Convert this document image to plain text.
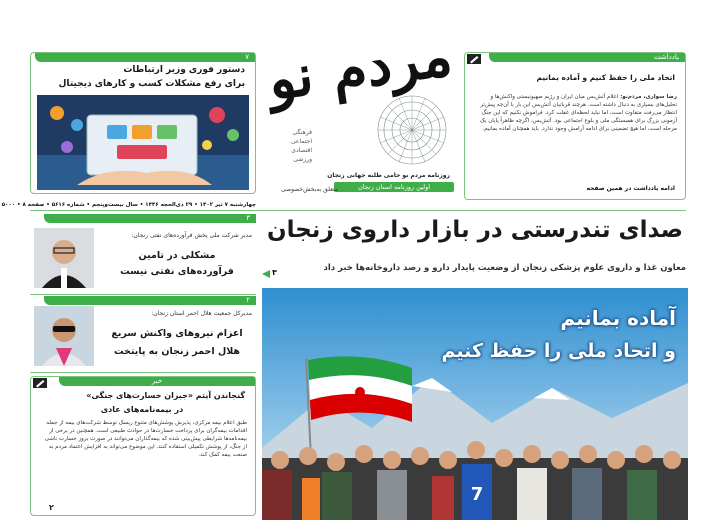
مردم نو
فرهنگی
اجتماعی
اقتصادی
ورزشی
روزنامه مردم نو حامی طلبه جهانی زنجان
اولین روزنامه استان زنجان
متعلق به‌بخش‌خصوصی
۷
دستور فوری وزیر ارتباطات
برای رفع مشکلات کسب و کارهای دیجیتال
یادداشت
اتحاد ملی را حفظ کنیم و آماده بمانیم
رضا سواری، مردم‌نو: اعلام آتش‌بس میان ایران و رژیم صهیونیستی واکنش‌ها و تحلیل‌های بسیاری به دنبال داشته است. هرچند قربانیان آتش‌بس این بار با آن‌چه پیش‌تر انتظار می‌رفت متفاوت است، اما نباید لحظه‌ای غفلت کرد. فراموش نکنیم که این جنگ آزمونی بزرگ برای همبستگی ملی و بلوغ اجتماعی بود. آتش‌بس، اگرچه ظاهراً پایان یک مرحله است، اما هیچ تضمینی برای ادامه آرامش وجود ندارد. باید همچنان آماده بمانیم.
ادامه یادداشت در همین صفحه
چهارشنبه ۷ تیر ۱۴۰۲ • ۲۹ ذی‌الحجه ۱۴۴۶ • سال بیست‌وپنجم • شماره ۵۶۱۶ • صفحه ۸ • ۵۰۰۰
۳
مدیر شرکت ملی پخش فرآورده‌های نفتی زنجان:
مشکلی در تامین
فرآورده‌های نفتی نیست
۲
مدیرکل جمعیت هلال احمر استان زنجان:
اعزام نیروهای واکنش سریع
هلال احمر زنجان به پایتخت
خبر
گنجاندن آیتم «جبران خسارت‌های جنگی»
در بیمه‌نامه‌های عادی
طبق اعلام بیمه مرکزی، پذیرش پوشش‌های متنوع ریسک توسط شرکت‌های بیمه از جمله اقدامات بیمه‌گران برای پرداخت خسارت‌ها در حوادث طبیعی است. همچنین در برخی از بیمه‌نامه‌ها شرایطی پیش‌بینی شده که بیمه‌گذاران می‌توانند در صورت بروز خسارت ناشی از جنگ، از پوشش تکمیلی استفاده کنند. این موضوع می‌تواند به افزایش اعتماد مردم به صنعت بیمه کمک کند.
۲
صدای تندرستی در بازار داروی زنجان
۳	معاون غذا و داروی علوم پزشکی زنجان از وضعیت پایدار دارو و رصد داروخانه‌ها خبر داد
7
آماده بمانیم
و اتحاد ملی را حفظ کنیم
